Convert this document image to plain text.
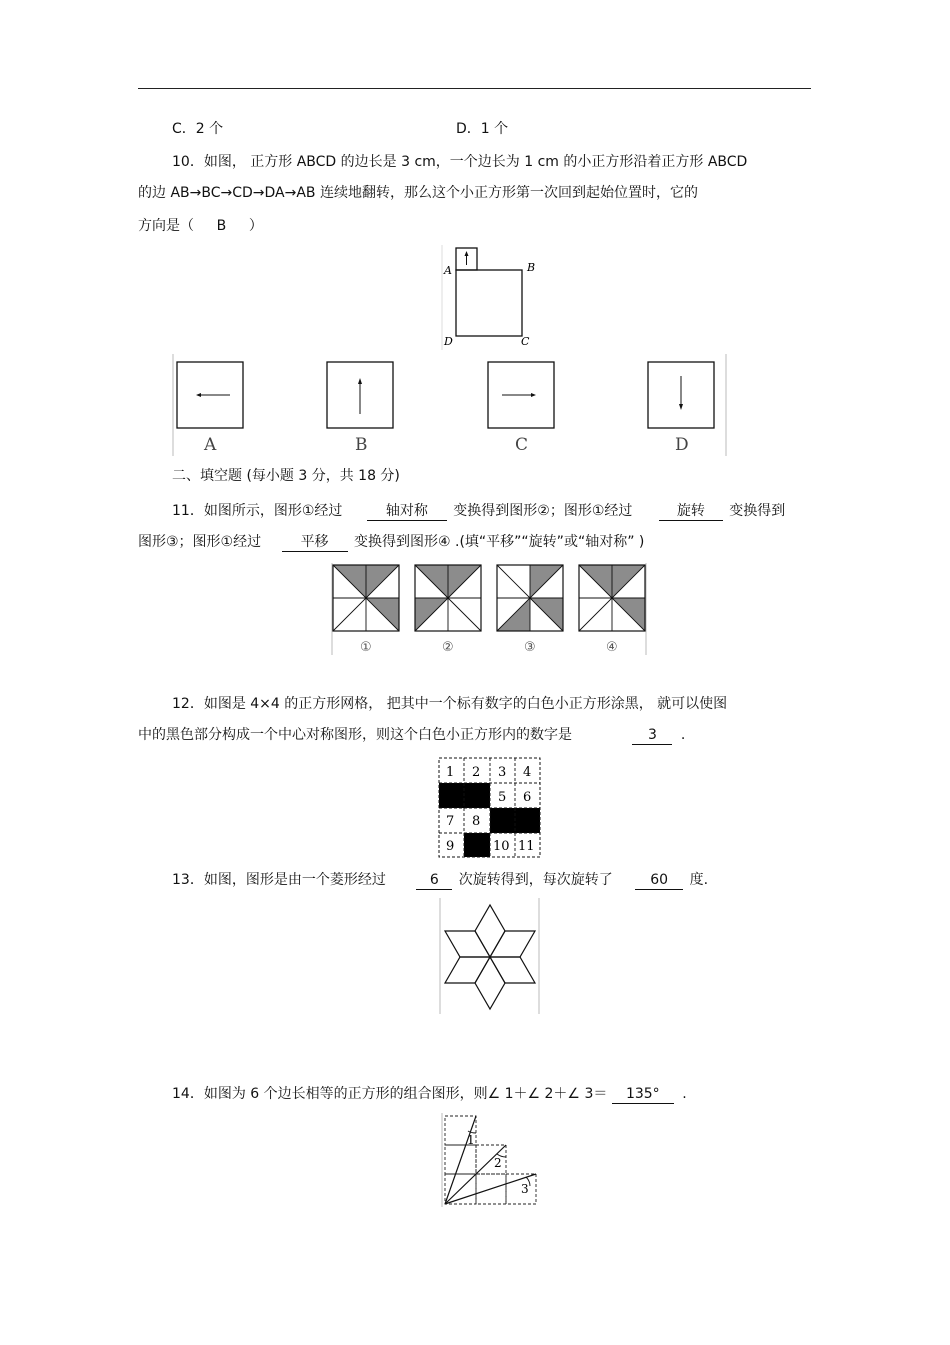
C．2 个	D．1 个
10．如图， 正方形 ABCD 的边长是 3 cm，一个边长为 1 cm 的小正方形沿着正方形 ABCD
的边 AB→BC→CD→DA→AB 连续地翻转，那么这个小正方形第一次回到起始位置时，它的
方向是（ B ）
A	B
C
D
A	B	C	D
二、填空题 (每小题 3 分，共 18 分)
11．如图所示，图形①经过	轴对称 变换得到图形②；图形①经过	旋转 变换得到
图形③；图形①经过	平移 变换得到图形④ .(填“平移”“旋转”或“轴对称” )
①	②	③	④
12．如图是 4×4 的正方形网格， 把其中一个标有数字的白色小正方形涂黑， 就可以使图
中的黑色部分构成一个中心对称图形，则这个白色小正方形内的数字是	3 .
1 2 3 4
5 6
7 8
9	10 11
13．如图，图形是由一个菱形经过	6 次旋转得到，每次旋转了	60 度.
14．如图为 6 个边长相等的正方形的组合图形，则∠ 1＋∠ 2＋∠ 3＝ 135° .
1
2
3
